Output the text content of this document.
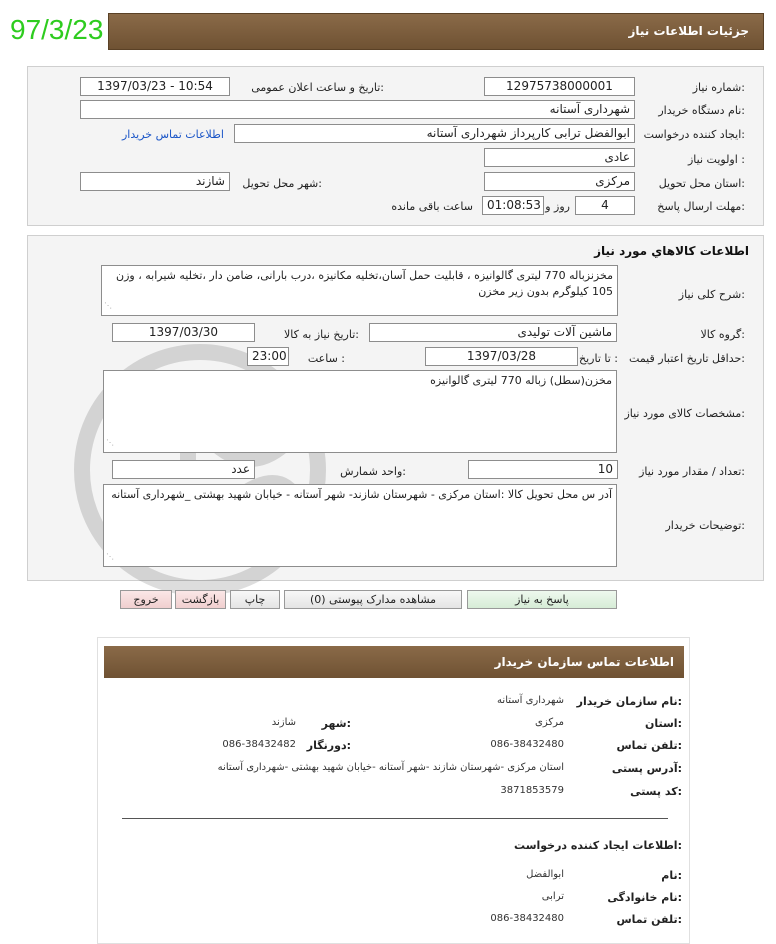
97/3/23	جزئیات اطلاعات نیاز
شماره نیاز:
1297573800000​1
تاریخ و ساعت اعلان عمومی:
1397/03/23 - 10:54
نام دستگاه خریدار:
شهرداری آستانه
ایجاد کننده درخواست:
ابوالفضل ترابی کارپرداز شهرداری آستانه
اطلاعات تماس خریدار
اولویت نیاز :
عادی
استان محل تحویل:
مرکزی
شهر محل تحویل:
شازند
مهلت ارسال پاسخ:
4
روز و
01:08:53
ساعت باقی مانده
اطلاعات کالاهاي مورد نياز
شرح کلی نیاز:
مخزنزباله 770 لیتری گالوانیزه ، قابلیت حمل آسان،تخلیه مکانیزه ،درب بارانی، ضامن دار ،تخلیه شیرابه ، وزن 105 کیلوگرم بدون زیر مخزن
⋰
گروه کالا:
ماشین آلات تولیدی
تاریخ نیاز به کالا:
1397/03/30
حداقل تاریخ اعتبار قیمت:
تا تاریخ :
1397/03/28
ساعت :
23:00
مشخصات کالای مورد نیاز:
مخزن(سطل) زباله 770 لیتری گالوانیزه
⋰
تعداد / مقدار مورد نیاز:
10
واحد شمارش:
عدد
توضیحات خریدار:
آدر س محل تحویل کالا :استان مرکزی - شهرستان شازند- شهر آستانه - خیابان شهید بهشتی _شهرداری آستانه
⋰
پاسخ به نیاز
مشاهده مدارک پیوستی (0)
چاپ
بازگشت
خروج
اطلاعات تماس سازمان خریدار
نام سازمان خریدار:
شهرداری آستانه
استان:
مرکزی
شهر:
شازند
تلفن تماس:
086-38432480
دورنگار:
086-38432482
آدرس پستی:
استان مرکزی -شهرستان شازند -شهر آستانه -خیابان شهید بهشتی -شهرداری آستانه
کد پستی:
3871853579
اطلاعات ایجاد کننده درخواست:
نام:
ابوالفضل
نام خانوادگی:
ترابی
تلفن تماس:
086-38432480
